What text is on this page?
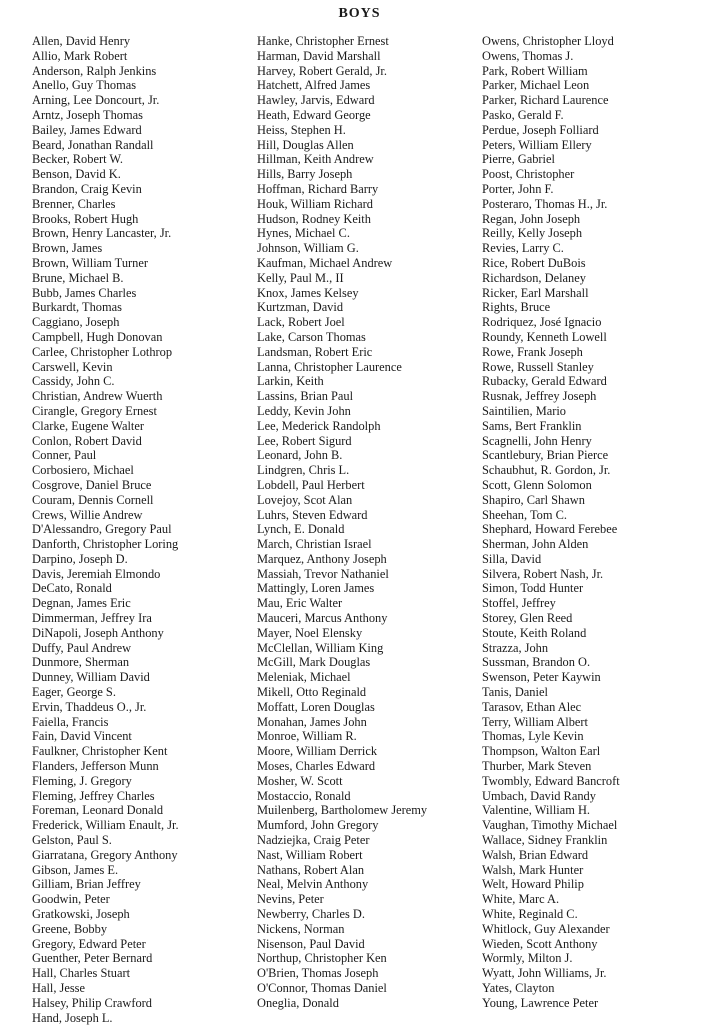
BOYS
Allen, David Henry
Allio, Mark Robert
Anderson, Ralph Jenkins
Anello, Guy Thomas
Arning, Lee Doncourt, Jr.
Arntz, Joseph Thomas
Bailey, James Edward
Beard, Jonathan Randall
Becker, Robert W.
Benson, David K.
Brandon, Craig Kevin
Brenner, Charles
Brooks, Robert Hugh
Brown, Henry Lancaster, Jr.
Brown, James
Brown, William Turner
Brune, Michael B.
Bubb, James Charles
Burkardt, Thomas
Caggiano, Joseph
Campbell, Hugh Donovan
Carlee, Christopher Lothrop
Carswell, Kevin
Cassidy, John C.
Christian, Andrew Wuerth
Cirangle, Gregory Ernest
Clarke, Eugene Walter
Conlon, Robert David
Conner, Paul
Corbosiero, Michael
Cosgrove, Daniel Bruce
Couram, Dennis Cornell
Crews, Willie Andrew
D'Alessandro, Gregory Paul
Danforth, Christopher Loring
Darpino, Joseph D.
Davis, Jeremiah Elmondo
DeCato, Ronald
Degnan, James Eric
Dimmerman, Jeffrey Ira
DiNapoli, Joseph Anthony
Duffy, Paul Andrew
Dunmore, Sherman
Dunney, William David
Eager, George S.
Ervin, Thaddeus O., Jr.
Faiella, Francis
Fain, David Vincent
Faulkner, Christopher Kent
Flanders, Jefferson Munn
Fleming, J. Gregory
Fleming, Jeffrey Charles
Foreman, Leonard Donald
Frederick, William Enault, Jr.
Gelston, Paul S.
Giarratana, Gregory Anthony
Gibson, James E.
Gilliam, Brian Jeffrey
Goodwin, Peter
Gratkowski, Joseph
Greene, Bobby
Gregory, Edward Peter
Guenther, Peter Bernard
Hall, Charles Stuart
Hall, Jesse
Halsey, Philip Crawford
Hand, Joseph L.
Hanke, Christopher Ernest
Harman, David Marshall
Harvey, Robert Gerald, Jr.
Hatchett, Alfred James
Hawley, Jarvis, Edward
Heath, Edward George
Heiss, Stephen H.
Hill, Douglas Allen
Hillman, Keith Andrew
Hills, Barry Joseph
Hoffman, Richard Barry
Houk, William Richard
Hudson, Rodney Keith
Hynes, Michael C.
Johnson, William G.
Kaufman, Michael Andrew
Kelly, Paul M., II
Knox, James Kelsey
Kurtzman, David
Lack, Robert Joel
Lake, Carson Thomas
Landsman, Robert Eric
Lanna, Christopher Laurence
Larkin, Keith
Lassins, Brian Paul
Leddy, Kevin John
Lee, Mederick Randolph
Lee, Robert Sigurd
Leonard, John B.
Lindgren, Chris L.
Lobdell, Paul Herbert
Lovejoy, Scot Alan
Luhrs, Steven Edward
Lynch, E. Donald
March, Christian Israel
Marquez, Anthony Joseph
Massiah, Trevor Nathaniel
Mattingly, Loren James
Mau, Eric Walter
Mauceri, Marcus Anthony
Mayer, Noel Elensky
McClellan, William King
McGill, Mark Douglas
Meleniak, Michael
Mikell, Otto Reginald
Moffatt, Loren Douglas
Monahan, James John
Monroe, William R.
Moore, William Derrick
Moses, Charles Edward
Mosher, W. Scott
Mostaccio, Ronald
Muilenberg, Bartholomew Jeremy
Mumford, John Gregory
Nadziejka, Craig Peter
Nast, William Robert
Nathans, Robert Alan
Neal, Melvin Anthony
Nevins, Peter
Newberry, Charles D.
Nickens, Norman
Nisenson, Paul David
Northup, Christopher Ken
O'Brien, Thomas Joseph
O'Connor, Thomas Daniel
Oneglia, Donald
Owens, Christopher Lloyd
Owens, Thomas J.
Park, Robert William
Parker, Michael Leon
Parker, Richard Laurence
Pasko, Gerald F.
Perdue, Joseph Folliard
Peters, William Ellery
Pierre, Gabriel
Poost, Christopher
Porter, John F.
Posteraro, Thomas H., Jr.
Regan, John Joseph
Reilly, Kelly Joseph
Revies, Larry C.
Rice, Robert DuBois
Richardson, Delaney
Ricker, Earl Marshall
Rights, Bruce
Rodriquez, José Ignacio
Roundy, Kenneth Lowell
Rowe, Frank Joseph
Rowe, Russell Stanley
Rubacky, Gerald Edward
Rusnak, Jeffrey Joseph
Saintilien, Mario
Sams, Bert Franklin
Scagnelli, John Henry
Scantlebury, Brian Pierce
Schaubhut, R. Gordon, Jr.
Scott, Glenn Solomon
Shapiro, Carl Shawn
Sheehan, Tom C.
Shephard, Howard Ferebee
Sherman, John Alden
Silla, David
Silvera, Robert Nash, Jr.
Simon, Todd Hunter
Stoffel, Jeffrey
Storey, Glen Reed
Stoute, Keith Roland
Strazza, John
Sussman, Brandon O.
Swenson, Peter Kaywin
Tanis, Daniel
Tarasov, Ethan Alec
Terry, William Albert
Thomas, Lyle Kevin
Thompson, Walton Earl
Thurber, Mark Steven
Twombly, Edward Bancroft
Umbach, David Randy
Valentine, William H.
Vaughan, Timothy Michael
Wallace, Sidney Franklin
Walsh, Brian Edward
Walsh, Mark Hunter
Welt, Howard Philip
White, Marc A.
White, Reginald C.
Whitlock, Guy Alexander
Wieden, Scott Anthony
Wormly, Milton J.
Wyatt, John Williams, Jr.
Yates, Clayton
Young, Lawrence Peter
